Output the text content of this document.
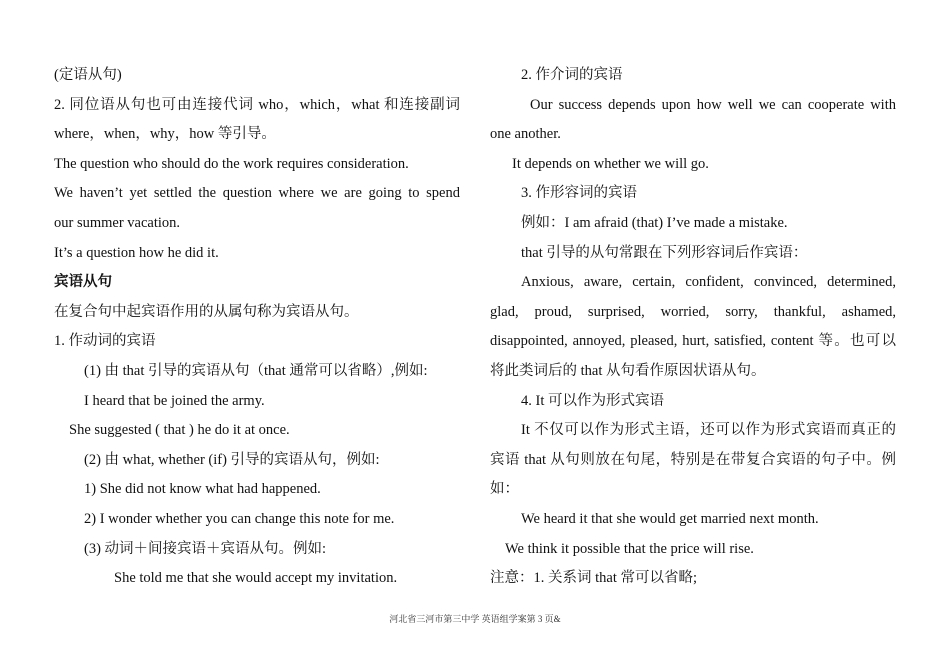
(定语从句)
2. 同位语从句也可由连接代词 who，which，what 和连接副词
where，when，why，how 等引导。
The question who should do the work requires consideration.
We haven’t yet settled the question where we are going to spend
our summer vacation.
It’s a question how he did it.
宾语从句
在复合句中起宾语作用的从属句称为宾语从句。
1. 作动词的宾语
(1) 由 that 引导的宾语从句（that 通常可以省略）,例如:
I heard that be joined the army.
She suggested ( that ) he do it at once.
(2) 由 what, whether (if) 引导的宾语从句，例如:
1) She did not know what had happened.
2) I wonder whether you can change this note for me.
(3) 动词＋间接宾语＋宾语从句。例如:
She told me that she would accept my invitation.
2. 作介词的宾语
Our success depends upon how well we can cooperate with
one another.
It depends on whether we will go.
3. 作形容词的宾语
例如：I am afraid (that) I’ve made a mistake.
that 引导的从句常跟在下列形容词后作宾语：
Anxious, aware, certain, confident, convinced, determined,
glad, proud, surprised, worried, sorry, thankful, ashamed,
disappointed, annoyed, pleased, hurt, satisfied, content 等。也可以
将此类词后的 that 从句看作原因状语从句。
4. It 可以作为形式宾语
It 不仅可以作为形式主语，还可以作为形式宾语而真正的
宾语 that 从句则放在句尾，特别是在带复合宾语的句子中。例
如：
We heard it that she would get married next month.
We think it possible that the price will rise.
注意：1. 关系词 that 常可以省略;
河北省三河市第三中学 英语组学案第 3 页&
